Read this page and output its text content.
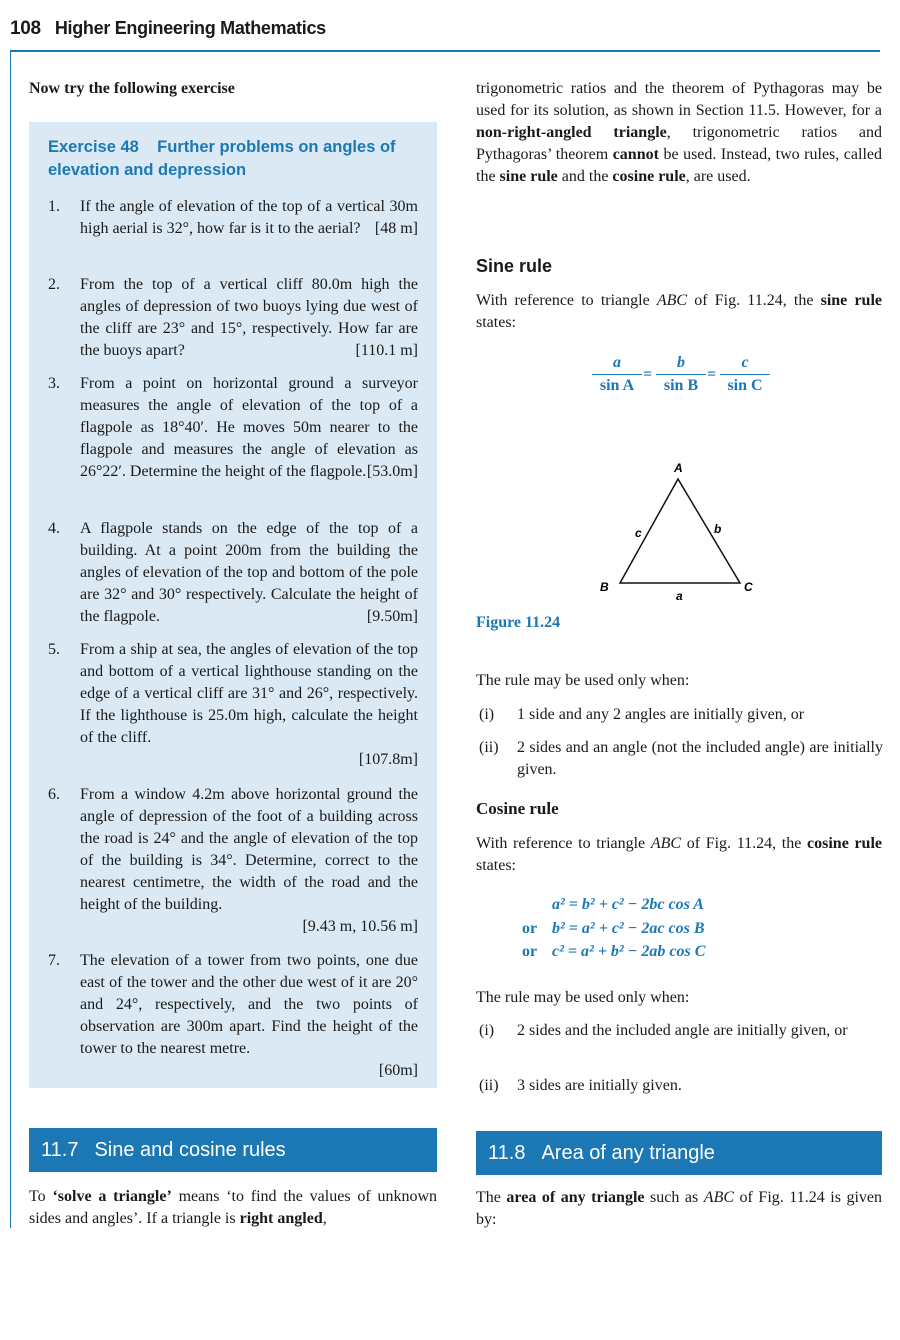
108 Higher Engineering Mathematics
Now try the following exercise
Exercise 48    Further problems on angles of elevation and depression
1. If the angle of elevation of the top of a vertical 30m high aerial is 32°, how far is it to the aerial? [48 m]
2. From the top of a vertical cliff 80.0m high the angles of depression of two buoys lying due west of the cliff are 23° and 15°, respectively. How far are the buoys apart?	[110.1 m]
3. From a point on horizontal ground a surveyor measures the angle of elevation of the top of a flagpole as 18°40′. He moves 50m nearer to the flagpole and measures the angle of elevation as 26°22′. Determine the height of the flagpole. [53.0m]
4. A flagpole stands on the edge of the top of a building. At a point 200m from the building the angles of elevation of the top and bottom of the pole are 32° and 30° respectively. Calculate the height of the flagpole.	[9.50m]
5. From a ship at sea, the angles of elevation of the top and bottom of a vertical lighthouse standing on the edge of a vertical cliff are 31° and 26°, respectively. If the lighthouse is 25.0m high, calculate the height of the cliff.
[107.8m]
6. From a window 4.2m above horizontal ground the angle of depression of the foot of a building across the road is 24° and the angle of elevation of the top of the building is 34°. Determine, correct to the nearest centimetre, the width of the road and the height of the building.
[9.43 m, 10.56 m]
7. The elevation of a tower from two points, one due east of the tower and the other due west of it are 20° and 24°, respectively, and the two points of observation are 300m apart. Find the height of the tower to the nearest metre.
[60m]
11.7 Sine and cosine rules

To ‘solve a triangle’ means ‘to find the values of unknown sides and angles’. If a triangle is right angled,

trigonometric ratios and the theorem of Pythagoras may be used for its solution, as shown in Section 11.5. However, for a non-right-angled triangle, trigonometric ratios and Pythagoras’ theorem cannot be used. Instead, two rules, called the sine rule and the cosine rule, are used.

Sine rule

With reference to triangle ABC of Fig. 11.24, the sine rule states:

$\frac{a}{\text{sin A}} = \frac{b}{\text{sin B}} = \frac{c}{\text{sin C}}$
A
B	C
a
b
c
Figure 11.24

The rule may be used only when:

(i) 1 side and any 2 angles are initially given, or
(ii) 2 sides and an angle (not the included angle) are initially given.
Cosine rule

With reference to triangle ABC of Fig. 11.24, the cosine rule states:

a² = b² + c² − 2bc cos A
or b² = a² + c² − 2ac cos B
or c² = a² + b² − 2ab cos C

The rule may be used only when:

(i) 2 sides and the included angle are initially given, or
(ii) 3 sides are initially given.
11.8 Area of any triangle

The area of any triangle such as ABC of Fig. 11.24 is given by:
